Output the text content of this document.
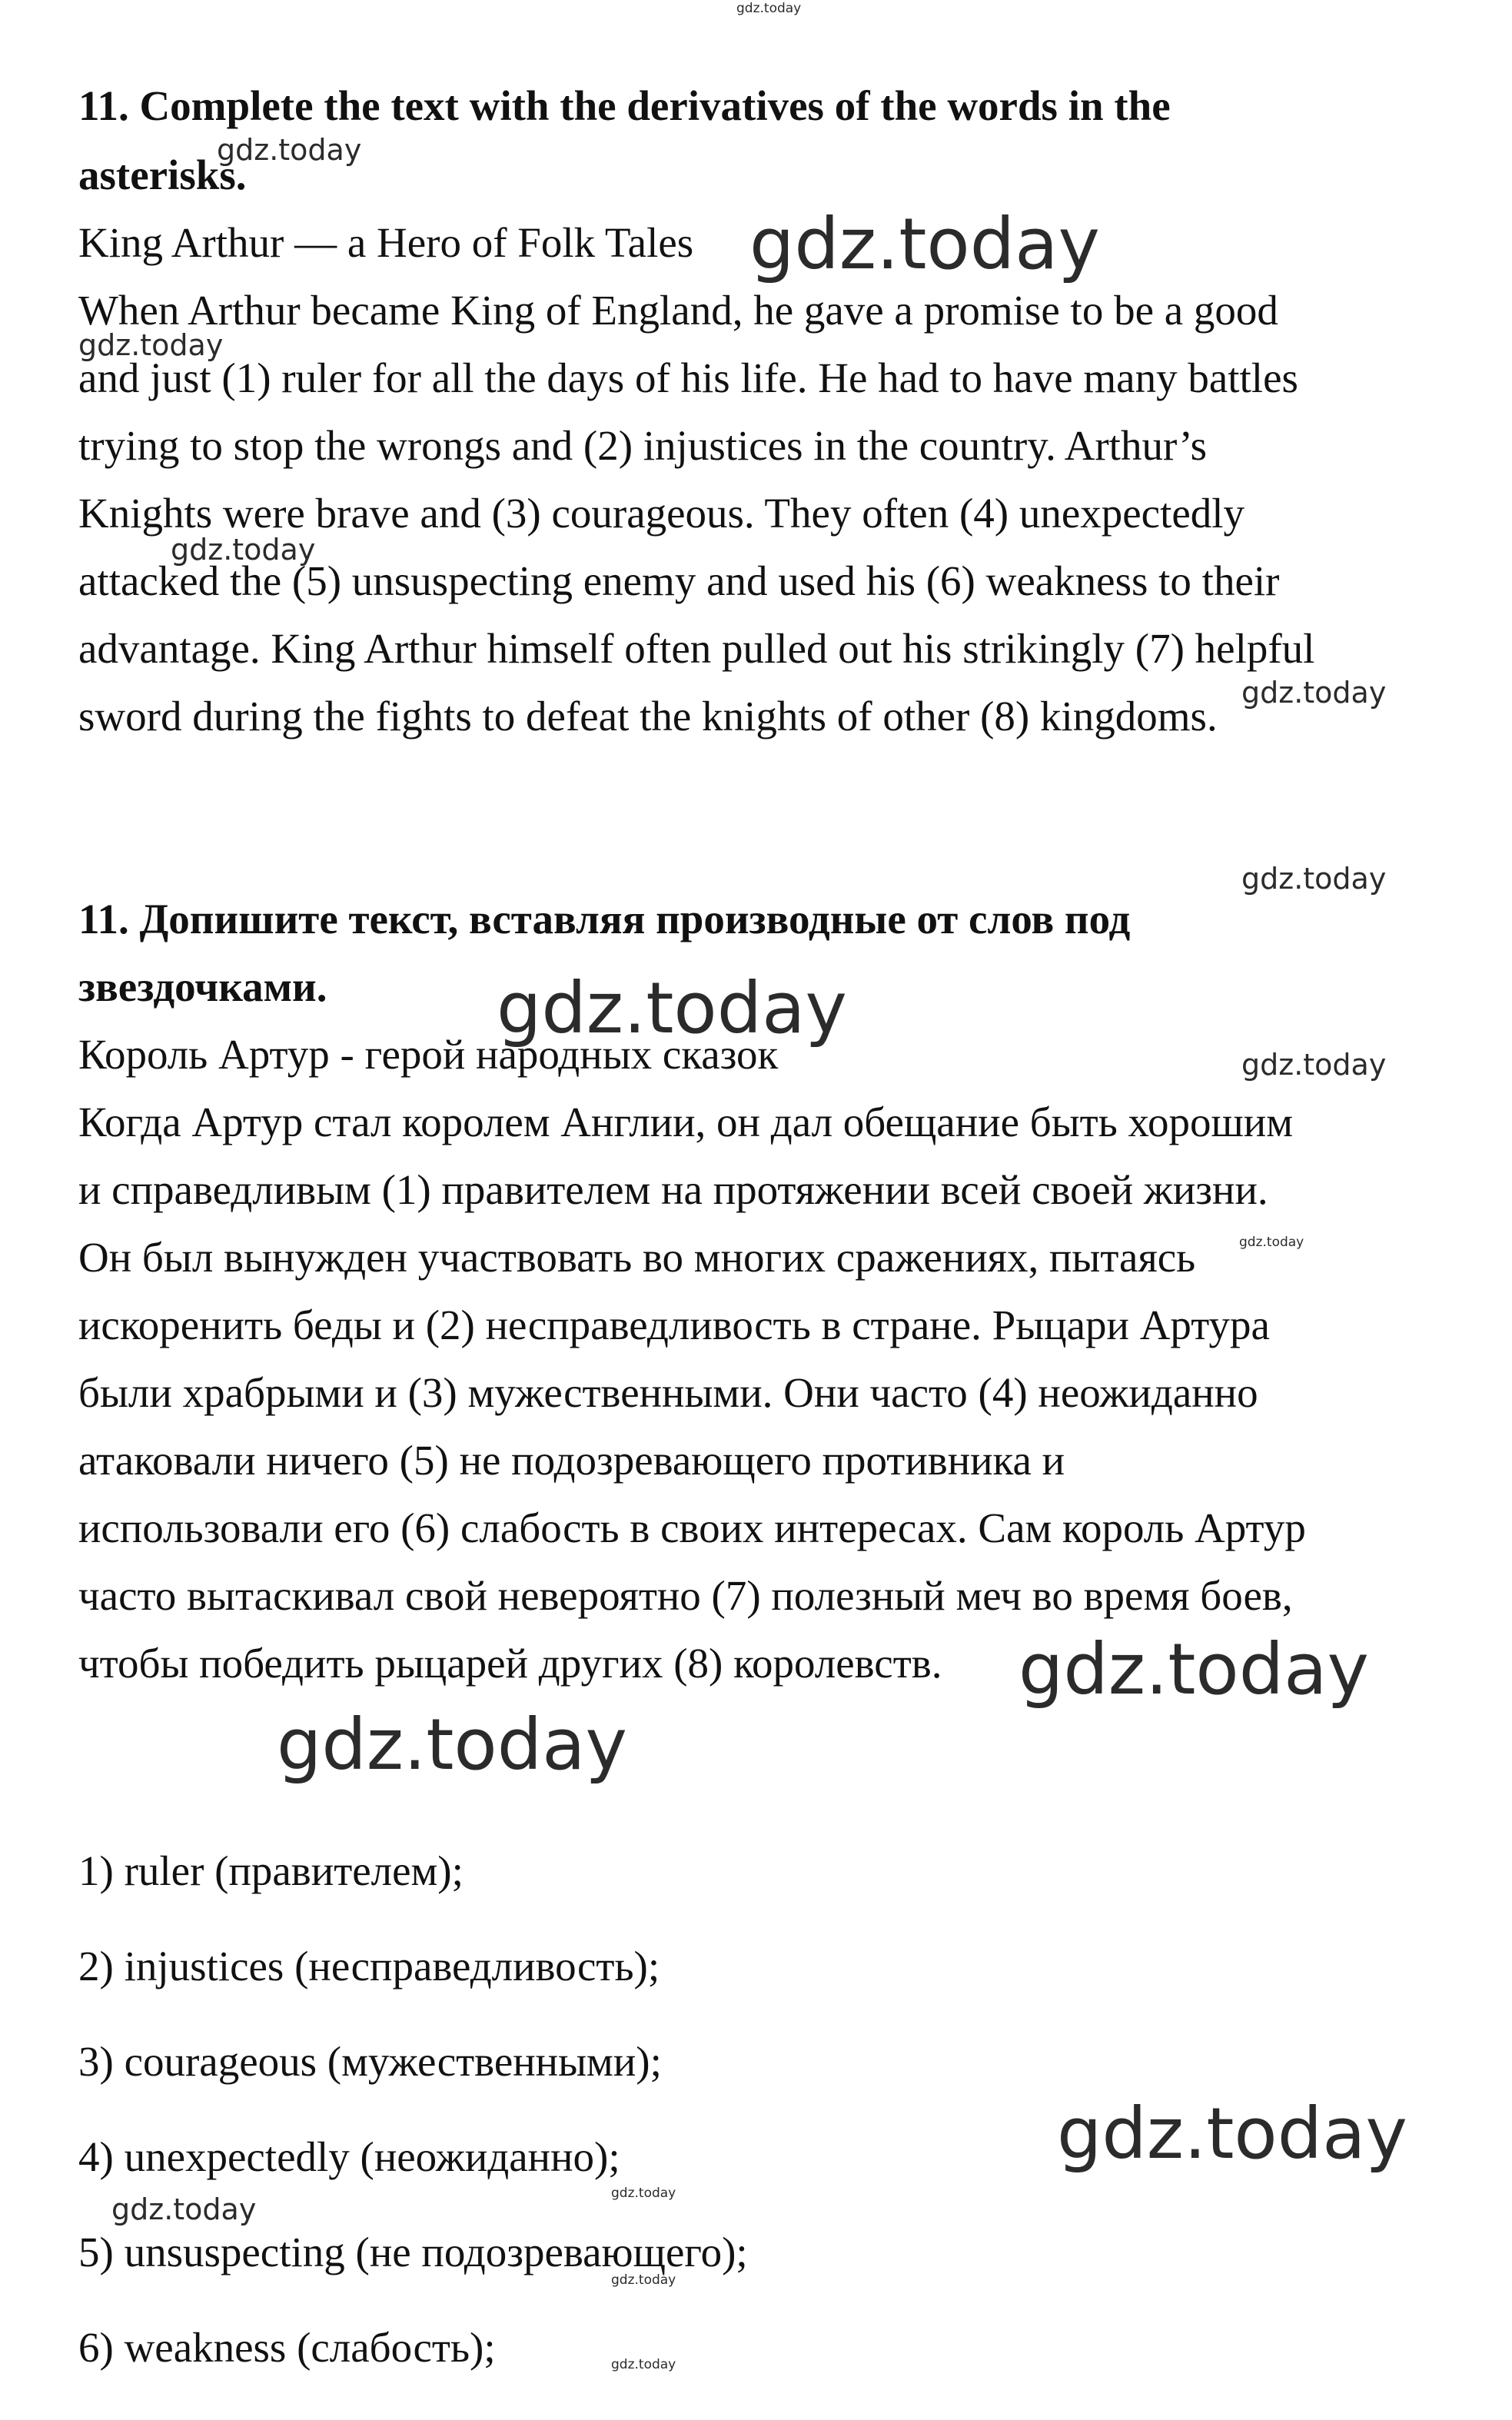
11. Complete the text with the derivatives of the words in the
asterisks.
King Arthur — a Hero of Folk Tales
When Arthur became King of England, he gave a promise to be a good
and just (1) ruler for all the days of his life. He had to have many battles
trying to stop the wrongs and (2) injustices in the country. Arthur’s
Knights were brave and (3) courageous. They often (4) unexpectedly
attacked the (5) unsuspecting enemy and used his (6) weakness to their
advantage. King Arthur himself often pulled out his strikingly (7) helpful
sword during the fights to defeat the knights of other (8) kingdoms.
11. Допишите текст, вставляя производные от слов под
звездочками.
Король Артур - герой народных сказок
Когда Артур стал королем Англии, он дал обещание быть хорошим
и справедливым (1) правителем на протяжении всей своей жизни.
Он был вынужден участвовать во многих сражениях, пытаясь
искоренить беды и (2) несправедливость в стране. Рыцари Артура
были храбрыми и (3) мужественными. Они часто (4) неожиданно
атаковали ничего (5) не подозревающего противника и
использовали его (6) слабость в своих интересах. Сам король Артур
часто вытаскивал свой невероятно (7) полезный меч во время боев,
чтобы победить рыцарей других (8) королевств.
1) ruler (правителем);
2) injustices (несправедливость);
3) courageous (мужественными);
4) unexpectedly (неожиданно);
5) unsuspecting (не подозревающего);
6) weakness (слабость);
gdz.today
gdz.today
gdz.today
gdz.today
gdz.today
gdz.today
gdz.today
gdz.today
gdz.today
gdz.today
gdz.today
gdz.today
gdz.today
gdz.today	gdz.today
gdz.today
gdz.today
